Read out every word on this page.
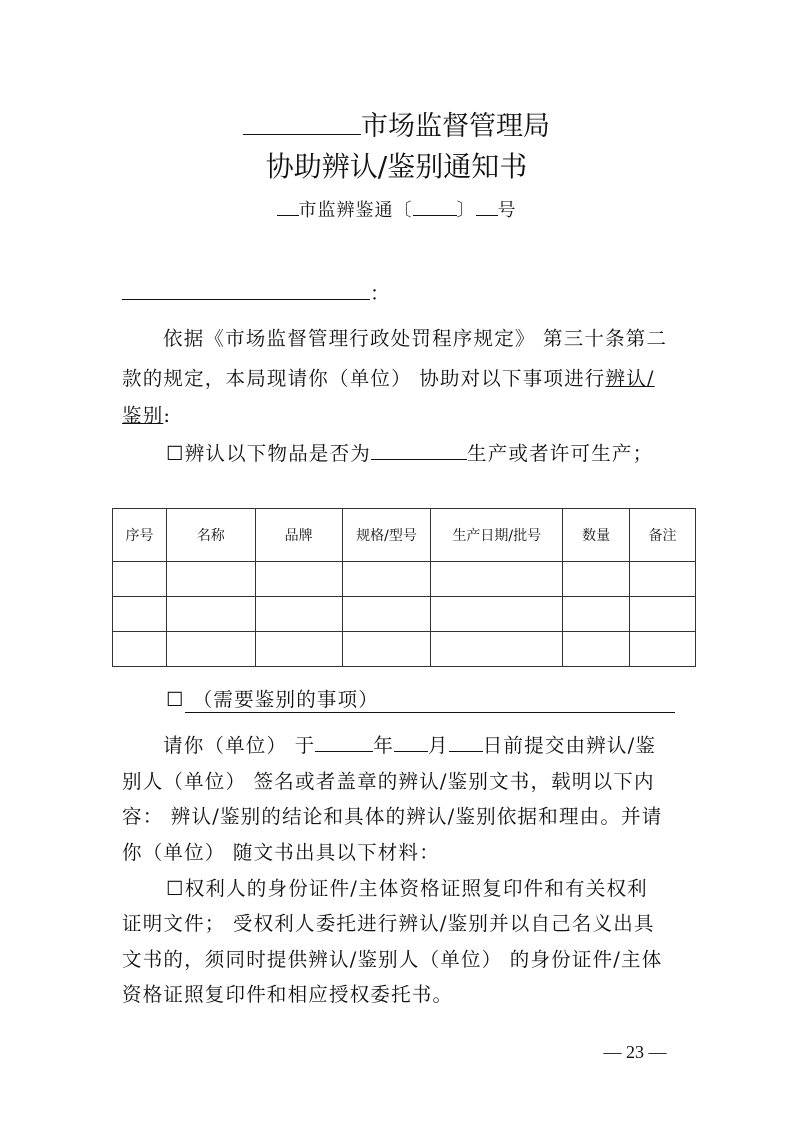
市场监督管理局
协助辨认/鉴别通知书
市监辨鉴通〔 〕 号
：
依据《市场监督管理行政处罚程序规定》 第三十条第二
款的规定，本局现请你（单位） 协助对以下事项进行辨认/
鉴别:
☐辨认以下物品是否为	生产或者许可生产；
序号	名称	品牌	规格/型号	生产日期/批号	数量	备注

☐ （需要鉴别的事项）
请你（单位） 于	年 月 日前提交由辨认/鉴
别人（单位） 签名或者盖章的辨认/鉴别文书，载明以下内
容： 辨认/鉴别的结论和具体的辨认/鉴别依据和理由。并请
你（单位） 随文书出具以下材料：
☐权利人的身份证件/主体资格证照复印件和有关权利
证明文件； 受权利人委托进行辨认/鉴别并以自己名义出具
文书的，须同时提供辨认/鉴别人（单位） 的身份证件/主体
资格证照复印件和相应授权委托书。
— 23 —
